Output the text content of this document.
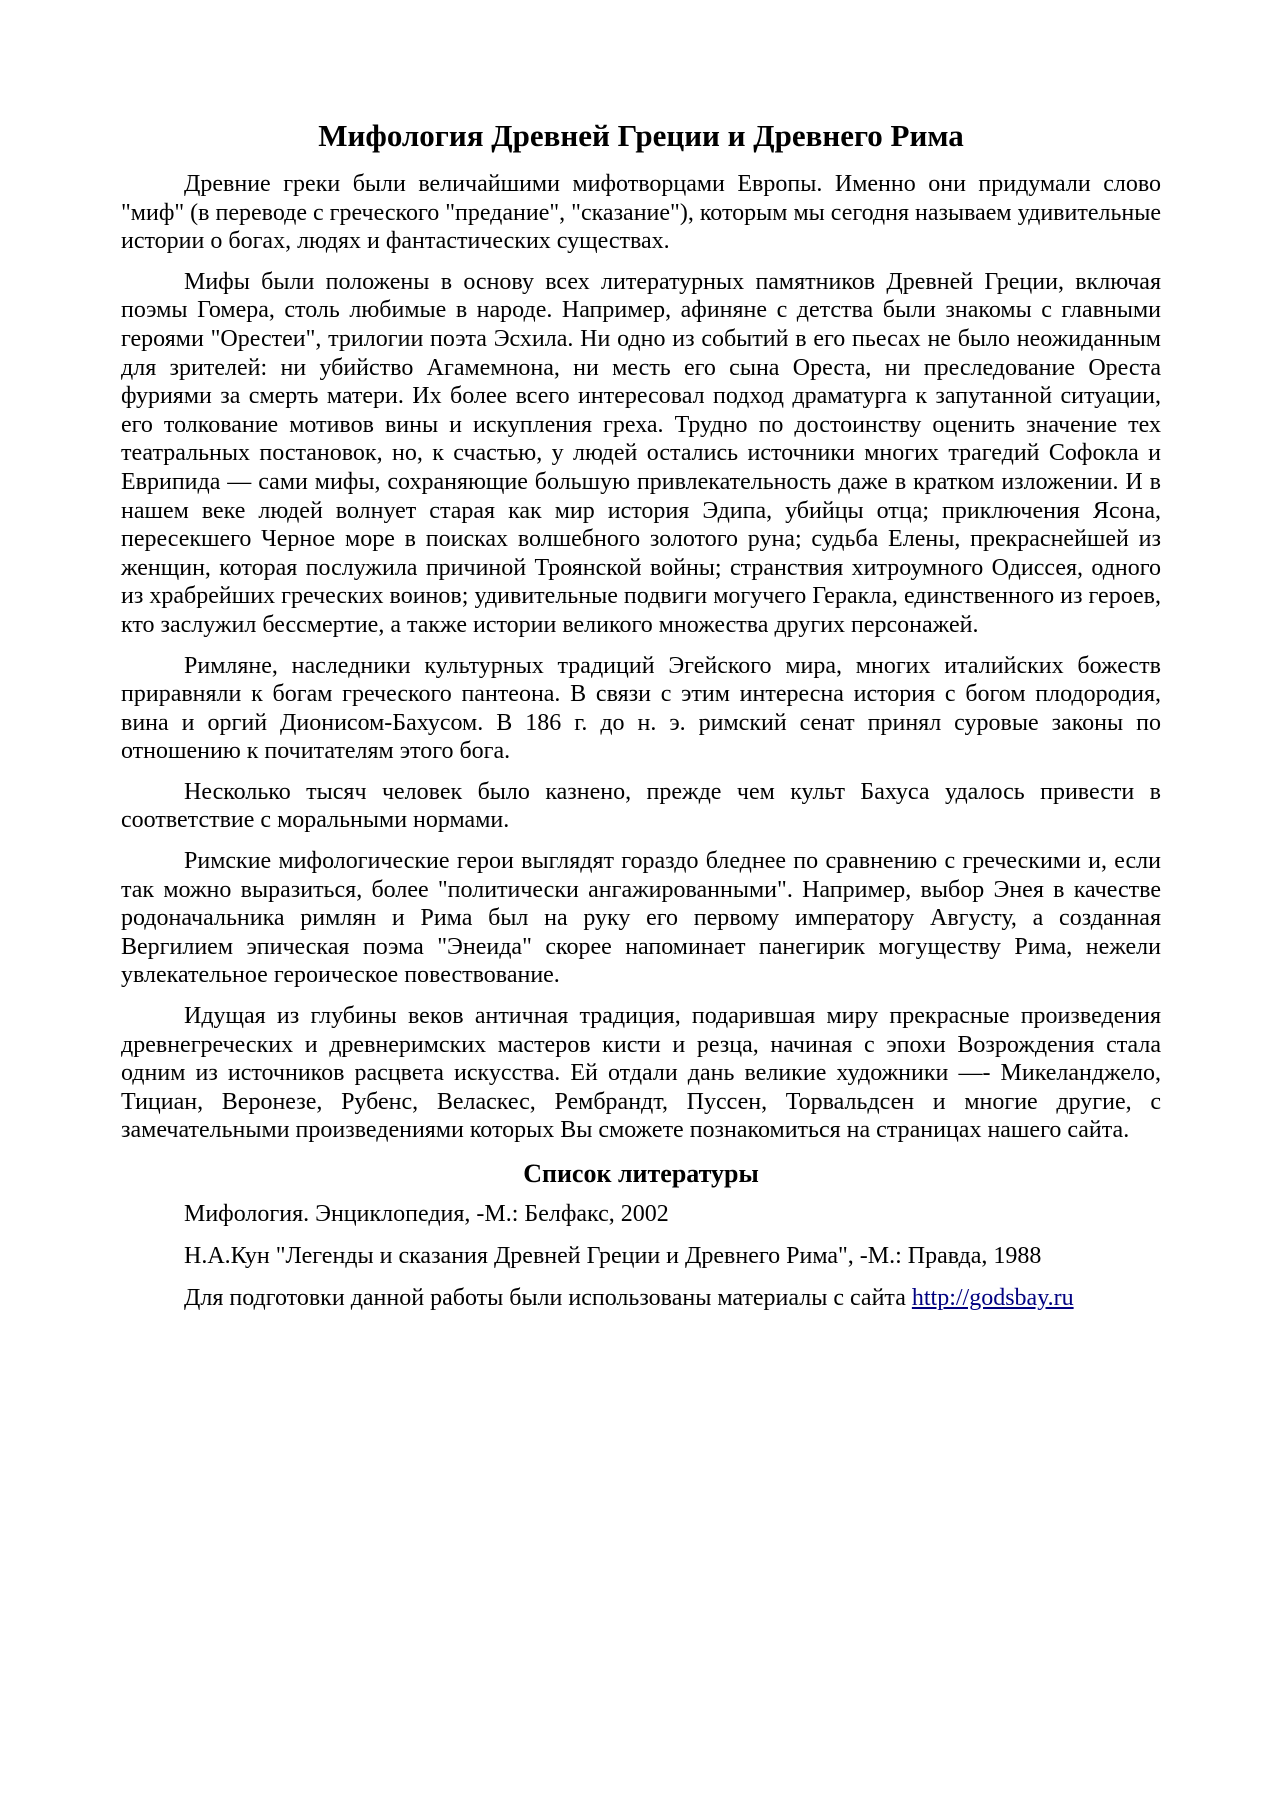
Мифология Древней Греции и Древнего Рима

Древние греки были величайшими мифотворцами Европы. Именно они придумали слово "миф" (в переводе с греческого "предание", "сказание"), которым мы сегодня называем удивительные истории о богах, людях и фантастических существах.

Мифы были положены в основу всех литературных памятников Древней Греции, включая поэмы Гомера, столь любимые в народе. Например, афиняне с детства были знакомы с главными героями "Орестеи", трилогии поэта Эсхила. Ни одно из событий в его пьесах не было неожиданным для зрителей: ни убийство Агамемнона, ни месть его сына Ореста, ни преследование Ореста фуриями за смерть матери. Их более всего интересовал подход драматурга к запутанной ситуации, его толкование мотивов вины и искупления греха. Трудно по достоинству оценить значение тех театральных постановок, но, к счастью, у людей остались источники многих трагедий Софокла и Еврипида — сами мифы, сохраняющие большую привлекательность даже в кратком изложении. И в нашем веке людей волнует старая как мир история Эдипа, убийцы отца; приключения Ясона, пересекшего Черное море в поисках волшебного золотого руна; судьба Елены, прекраснейшей из женщин, которая послужила причиной Троянской войны; странствия хитроумного Одиссея, одного из храбрейших греческих воинов; удивительные подвиги могучего Геракла, единственного из героев, кто заслужил бессмертие, а также истории великого множества других персонажей.

Римляне, наследники культурных традиций Эгейского мира, многих италийских божеств приравняли к богам греческого пантеона. В связи с этим интересна история с богом плодородия, вина и оргий Дионисом-Бахусом. В 186 г. до н. э. римский сенат принял суровые законы по отношению к почитателям этого бога.

Несколько тысяч человек было казнено, прежде чем культ Бахуса удалось привести в соответствие с моральными нормами.

Римские мифологические герои выглядят гораздо бледнее по сравнению с греческими и, если так можно выразиться, более "политически ангажированными". Например, выбор Энея в качестве родоначальника римлян и Рима был на руку его первому императору Августу, а созданная Вергилием эпическая поэма "Энеида" скорее напоминает панегирик могуществу Рима, нежели увлекательное героическое повествование.

Идущая из глубины веков античная традиция, подарившая миру прекрасные произведения древнегреческих и древнеримских мастеров кисти и резца, начиная с эпохи Возрождения стала одним из источников расцвета искусства. Ей отдали дань великие художники —- Микеланджело, Тициан, Веронезе, Рубенс, Веласкес, Рембрандт, Пуссен, Торвальдсен и многие другие, с замечательными произведениями которых Вы сможете познакомиться на страницах нашего сайта.

Список литературы

Мифология. Энциклопедия, -М.: Белфакс, 2002

Н.А.Кун "Легенды и сказания Древней Греции и Древнего Рима", -М.: Правда, 1988

Для подготовки данной работы были использованы материалы с сайта http://godsbay.ru
